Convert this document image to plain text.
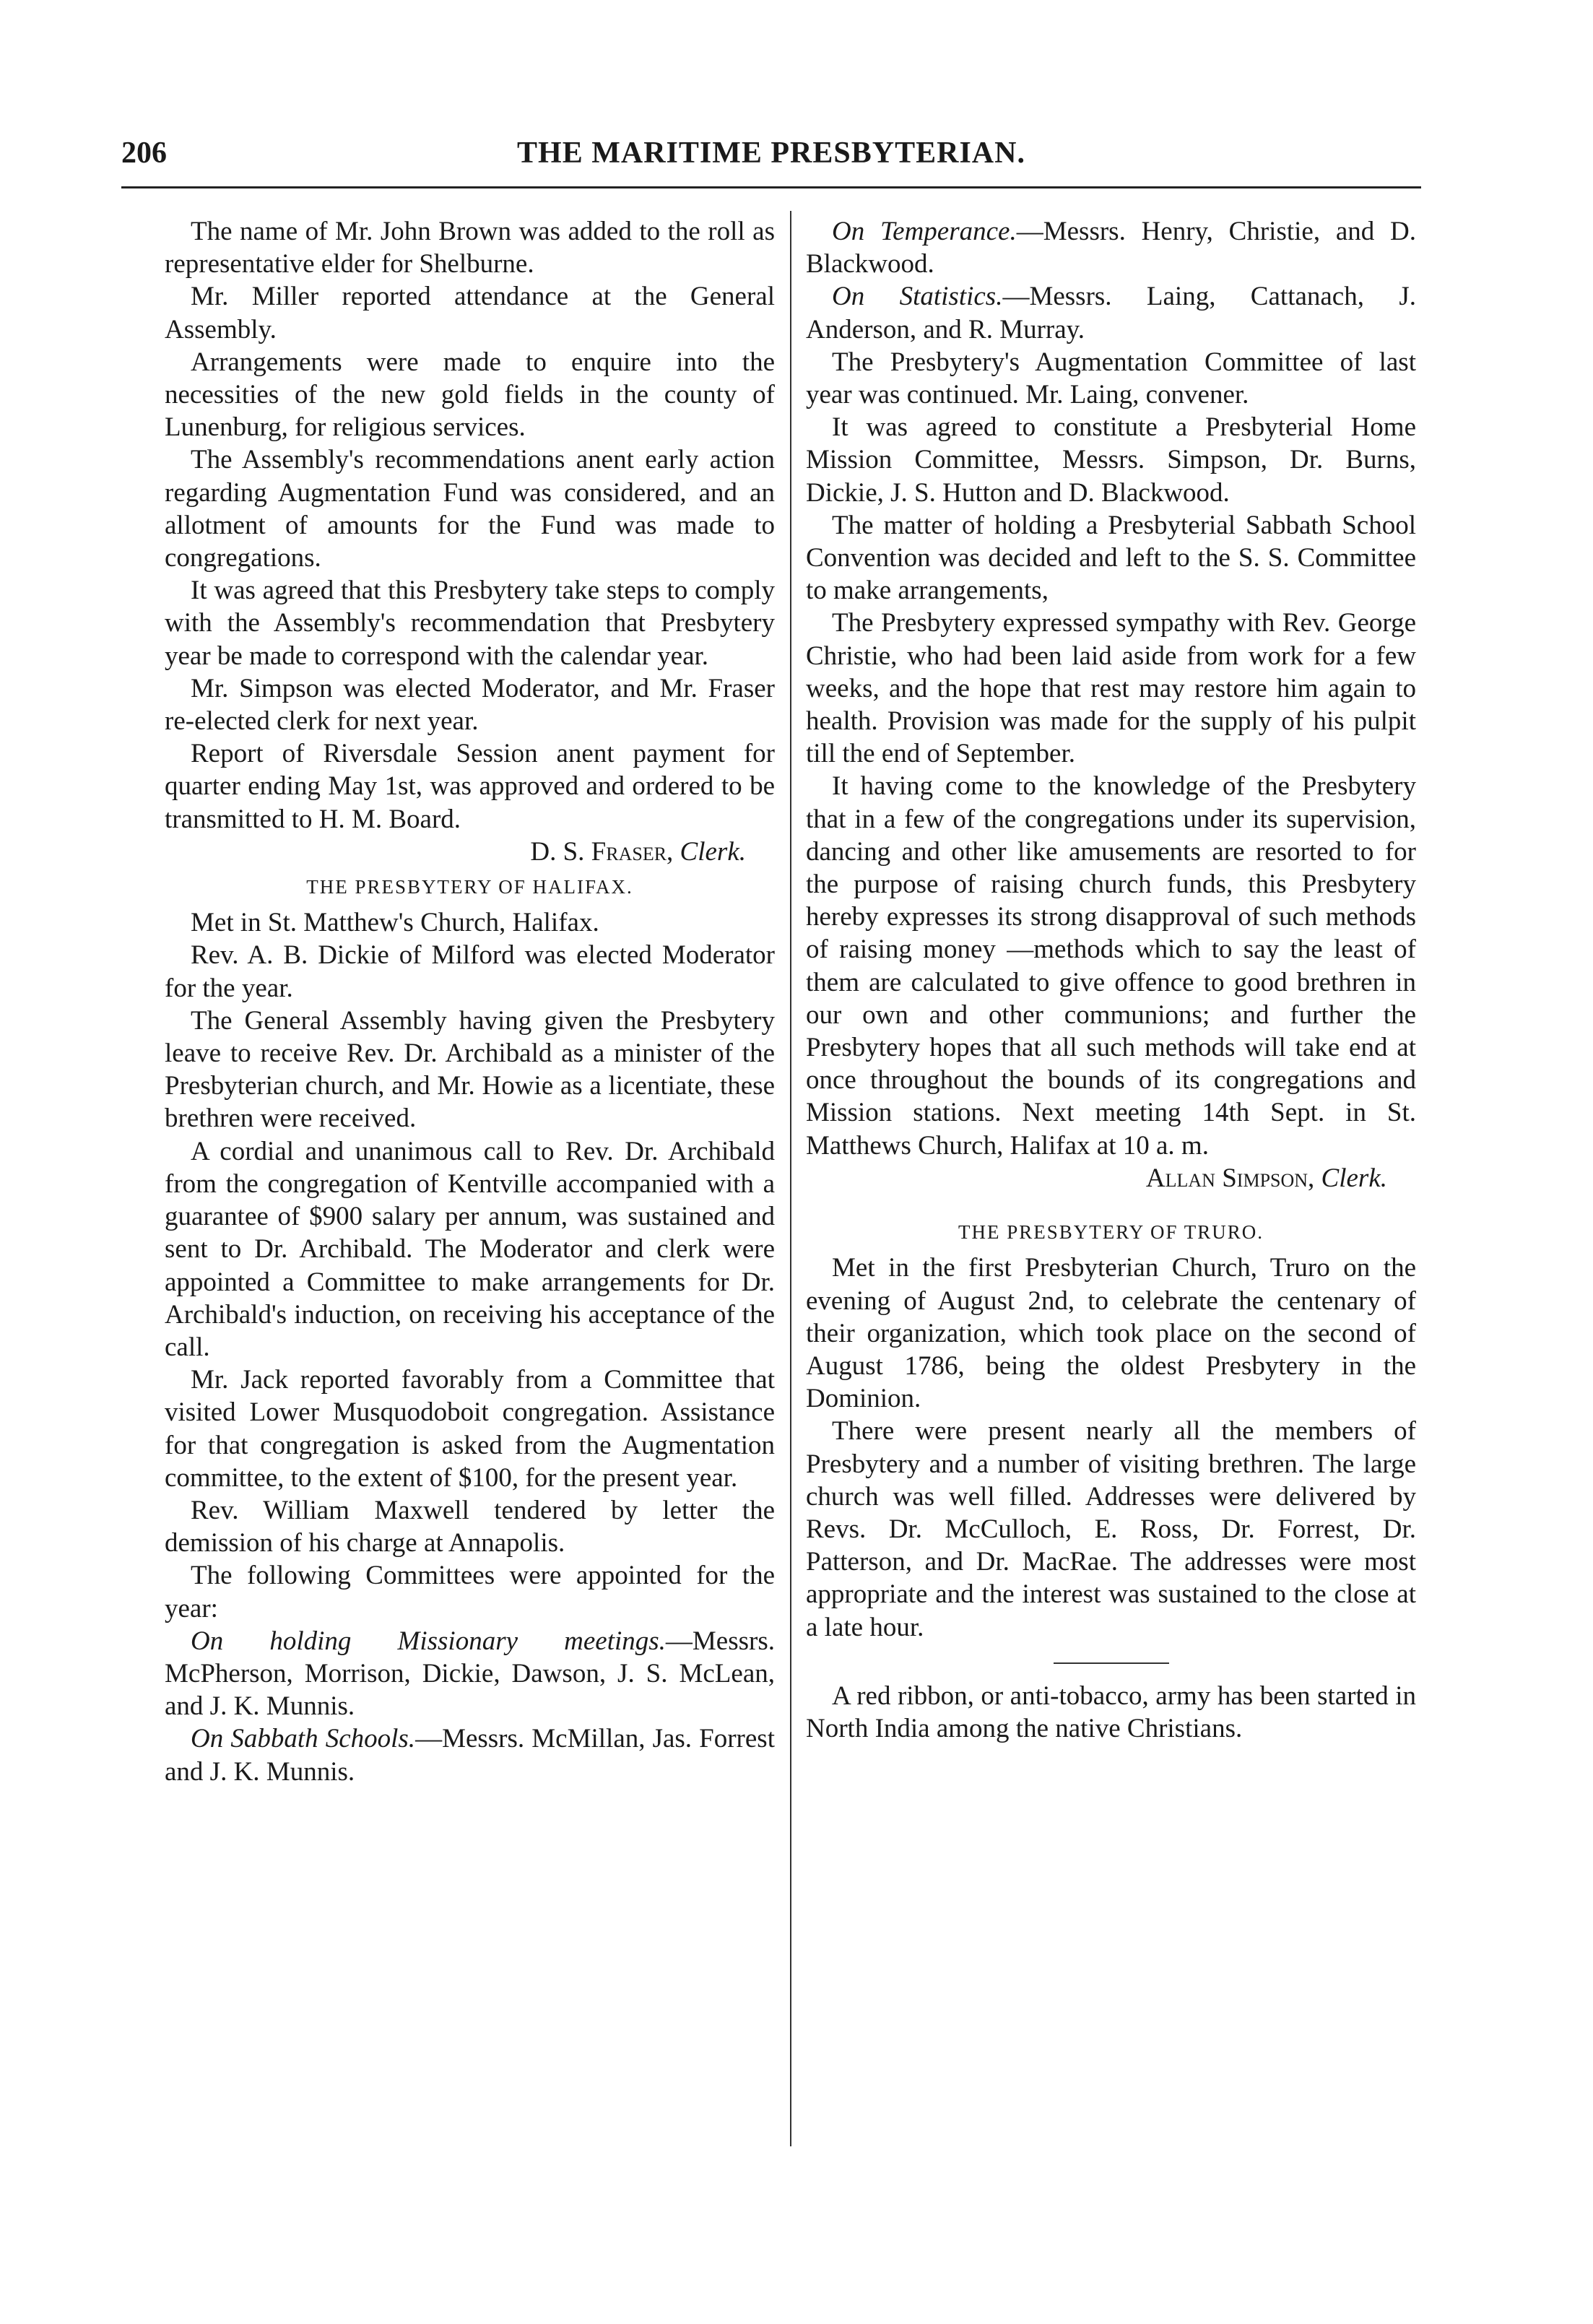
THE MARITIME PRESBYTERIAN.
206

The name of Mr. John Brown was added to the roll as representative elder for Shelburne.

Mr. Miller reported attendance at the General Assembly.

Arrangements were made to enquire into the necessities of the new gold fields in the county of Lunenburg, for religious services.

The Assembly's recommendations anent early action regarding Augmentation Fund was considered, and an allotment of amounts for the Fund was made to congregations.

It was agreed that this Presbytery take steps to comply with the Assembly's recommendation that Presbytery year be made to correspond with the calendar year.

Mr. Simpson was elected Moderator, and Mr. Fraser re-elected clerk for next year.

Report of Riversdale Session anent payment for quarter ending May 1st, was approved and ordered to be transmitted to H. M. Board.

D. S. Fraser, Clerk.

THE PRESBYTERY OF HALIFAX.

Met in St. Matthew's Church, Halifax.

Rev. A. B. Dickie of Milford was elected Moderator for the year.

The General Assembly having given the Presbytery leave to receive Rev. Dr. Archibald as a minister of the Presbyterian church, and Mr. Howie as a licentiate, these brethren were received.

A cordial and unanimous call to Rev. Dr. Archibald from the congregation of Kentville accompanied with a guarantee of $900 salary per annum, was sustained and sent to Dr. Archibald. The Moderator and clerk were appointed a Committee to make arrangements for Dr. Archibald's induction, on receiving his acceptance of the call.

Mr. Jack reported favorably from a Committee that visited Lower Musquodoboit congregation. Assistance for that congregation is asked from the Augmentation committee, to the extent of $100, for the present year.

Rev. William Maxwell tendered by letter the demission of his charge at Annapolis.

The following Committees were appointed for the year:

On holding Missionary meetings.—Messrs. McPherson, Morrison, Dickie, Dawson, J. S. McLean, and J. K. Munnis.

On Sabbath Schools.—Messrs. McMillan, Jas. Forrest and J. K. Munnis.

On Temperance.—Messrs. Henry, Christie, and D. Blackwood.

On Statistics.—Messrs. Laing, Cattanach, J. Anderson, and R. Murray.

The Presbytery's Augmentation Committee of last year was continued. Mr. Laing, convener.

It was agreed to constitute a Presbyterial Home Mission Committee, Messrs. Simpson, Dr. Burns, Dickie, J. S. Hutton and D. Blackwood.

The matter of holding a Presbyterial Sabbath School Convention was decided and left to the S. S. Committee to make arrangements,

The Presbytery expressed sympathy with Rev. George Christie, who had been laid aside from work for a few weeks, and the hope that rest may restore him again to health. Provision was made for the supply of his pulpit till the end of September.

It having come to the knowledge of the Presbytery that in a few of the congregations under its supervision, dancing and other like amusements are resorted to for the purpose of raising church funds, this Presbytery hereby expresses its strong disapproval of such methods of raising money —methods which to say the least of them are calculated to give offence to good brethren in our own and other communions; and further the Presbytery hopes that all such methods will take end at once throughout the bounds of its congregations and Mission stations. Next meeting 14th Sept. in St. Matthews Church, Halifax at 10 a. m.

Allan Simpson, Clerk.

THE PRESBYTERY OF TRURO.

Met in the first Presbyterian Church, Truro on the evening of August 2nd, to celebrate the centenary of their organization, which took place on the second of August 1786, being the oldest Presbytery in the Dominion.

There were present nearly all the members of Presbytery and a number of visiting brethren. The large church was well filled. Addresses were delivered by Revs. Dr. McCulloch, E. Ross, Dr. Forrest, Dr. Patterson, and Dr. MacRae. The addresses were most appropriate and the interest was sustained to the close at a late hour.

A red ribbon, or anti-tobacco, army has been started in North India among the native Christians.
